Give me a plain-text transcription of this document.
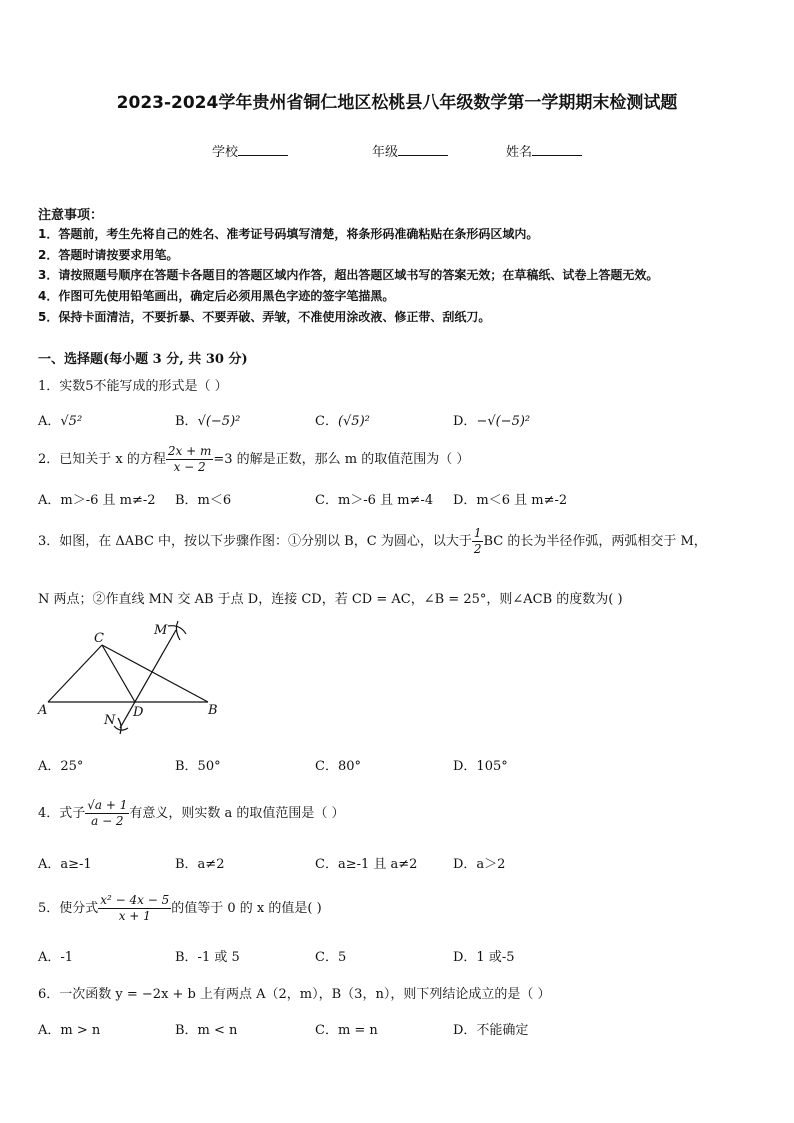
2023-2024学年贵州省铜仁地区松桃县八年级数学第一学期期末检测试题
学校	年级	姓名
注意事项：
1．答题前，考生先将自己的姓名、准考证号码填写清楚，将条形码准确粘贴在条形码区域内。
2．答题时请按要求用笔。
3．请按照题号顺序在答题卡各题目的答题区域内作答，超出答题区域书写的答案无效；在草稿纸、试卷上答题无效。
4．作图可先使用铅笔画出，确定后必须用黑色字迹的签字笔描黑。
5．保持卡面清洁，不要折暴、不要弄破、弄皱，不准使用涂改液、修正带、刮纸刀。
一、选择题(每小题 3 分, 共 30 分)
1．实数5不能写成的形式是（ ）
A．√5²	B．√(−5)²	C．(√5)²	D．−√(−5)²
2．已知关于 x 的方程 $\frac{2x + m}{x - 2} =3$ 的解是正数，那么 m 的取值范围为（ ）
A．m＞-6 且 m≠-2 B．m＜6	C．m＞-6 且 m≠-4 D．m＜6 且 m≠-2
3．如图，在 ΔABC 中，按以下步骤作图：①分别以 B，C 为圆心，以大于 $\frac{1}{2}$ BC 的长为半径作弧，两弧相交于 M，
N 两点；②作直线 MN 交 AB 于点 D，连接 CD，若 CD = AC，∠B = 25°，则∠ACB 的度数为( )
C
A	B
D
M
N
A．25°	B．50°	C．80°	D．105°
4．式子 $\frac{√a + 1}{a - 2}$ 有意义，则实数 a 的取值范围是（ ）
A．a≥-1	B．a≠2	C．a≥-1 且 a≠2	D．a＞2
5．使分式 $\frac{\text{x² − 4x − 5}}{x + 1}$ 的值等于 0 的 x 的值是( )
A．-1	B．-1 或 5	C．5	D．1 或-5
6．一次函数 y = −2x + b 上有两点 A（2，m），B（3，n），则下列结论成立的是（ ）
A．m > n	B．m < n	C．m = n	D．不能确定
